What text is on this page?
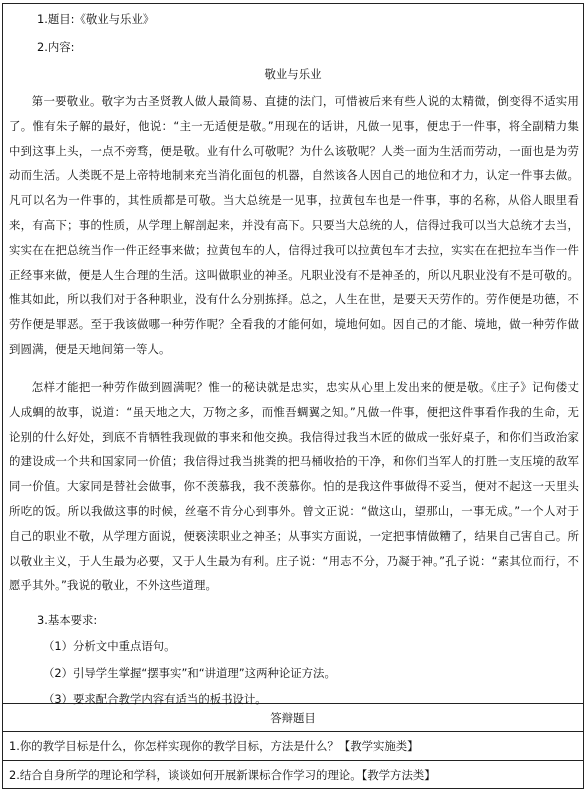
1.题目:《敬业与乐业》
2.内容:
敬业与乐业
第一要敬业。敬字为古圣贤教人做人最简易、直捷的法门，可惜被后来有些人说的太精微，倒变得不适实用了。惟有朱子解的最好，他说：“主一无适便是敬。”用现在的话讲，凡做一见事，便忠于一件事，将全副精力集中到这事上头，一点不旁骛，便是敬。业有什么可敬呢？为什么该敬呢？人类一面为生活而劳动，一面也是为劳动而生活。人类既不是上帝特地制来充当消化面包的机器，自然该各人因自己的地位和才力，认定一件事去做。凡可以名为一件事的，其性质都是可敬。当大总统是一见事，拉黄包车也是一件事，事的名称，从俗人眼里看来，有高下；事的性质，从学理上解剖起来，并没有高下。只要当大总统的人，信得过我可以当大总统才去当，实实在在把总统当作一件正经事来做；拉黄包车的人，信得过我可以拉黄包车才去拉，实实在在把拉车当作一件正经事来做，便是人生合理的生活。这叫做职业的神圣。凡职业没有不是神圣的，所以凡职业没有不是可敬的。惟其如此，所以我们对于各种职业，没有什么分别拣择。总之，人生在世，是要天天劳作的。劳作便是功德，不劳作便是罪恶。至于我该做哪一种劳作呢？全看我的才能何如，境地何如。因自己的才能、境地，做一种劳作做到圆满，便是天地间第一等人。
怎样才能把一种劳作做到圆满呢？惟一的秘诀就是忠实，忠实从心里上发出来的便是敬。《庄子》记佝偻丈人成蜩的故事，说道：“虽天地之大，万物之多，而惟吾蜩翼之知。”凡做一件事，便把这件事看作我的生命，无论别的什么好处，到底不肯牺牲我现做的事来和他交换。我信得过我当木匠的做成一张好桌子，和你们当政治家的建设成一个共和国家同一价值；我信得过我当挑粪的把马桶收拾的干净，和你们当军人的打胜一支压境的敌军同一价值。大家同是替社会做事，你不羡慕我，我不羡慕你。怕的是我这件事做得不妥当，便对不起这一天里头所吃的饭。所以我做这事的时候，丝毫不肯分心到事外。曾文正说：“做这山，望那山，一事无成。”一个人对于自己的职业不敬，从学理方面说，便亵渎职业之神圣；从事实方面说，一定把事情做糟了，结果自己害自己。所以敬业主义，于人生最为必要，又于人生最为有利。庄子说：“用志不分，乃凝于神。”孔子说：“素其位而行，不愿乎其外。”我说的敬业，不外这些道理。
3.基本要求:
（1）分析文中重点语句。
（2）引导学生掌握“摆事实”和“讲道理”这两种论证方法。
（3）要求配合教学内容有适当的板书设计。
答辩题目
1.你的教学目标是什么，你怎样实现你的教学目标，方法是什么？【教学实施类】
2.结合自身所学的理论和学科，谈谈如何开展新课标合作学习的理论。【教学方法类】
